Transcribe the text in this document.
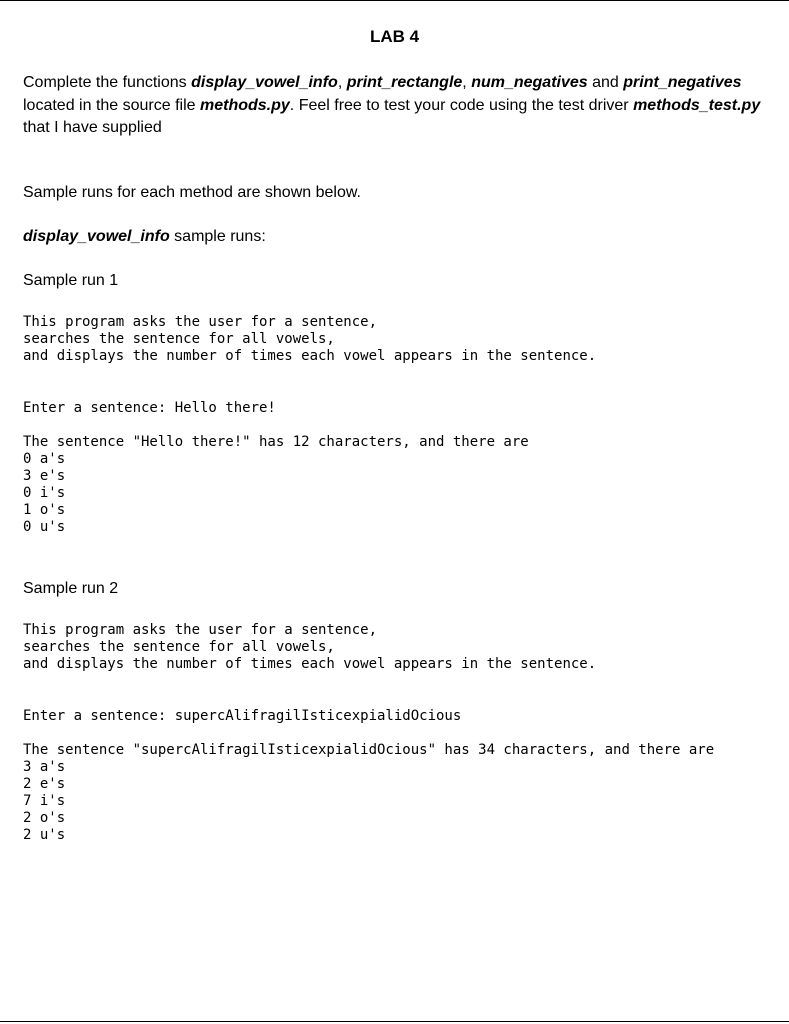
LAB 4
Complete the functions display_vowel_info, print_rectangle, num_negatives and print_negatives located in the source file methods.py. Feel free to test your code using the test driver methods_test.py that I have supplied
Sample runs for each method are shown below.
display_vowel_info sample runs:
Sample run 1
This program asks the user for a sentence,
searches the sentence for all vowels,
and displays the number of times each vowel appears in the sentence.
Enter a sentence: Hello there!
The sentence "Hello there!" has 12 characters, and there are
0 a's
3 e's
0 i's
1 o's
0 u's
Sample run 2
This program asks the user for a sentence,
searches the sentence for all vowels,
and displays the number of times each vowel appears in the sentence.
Enter a sentence: supercAlifragilIsticexpialidOcious
The sentence "supercAlifragilIsticexpialidOcious" has 34 characters, and there are
3 a's
2 e's
7 i's
2 o's
2 u's
